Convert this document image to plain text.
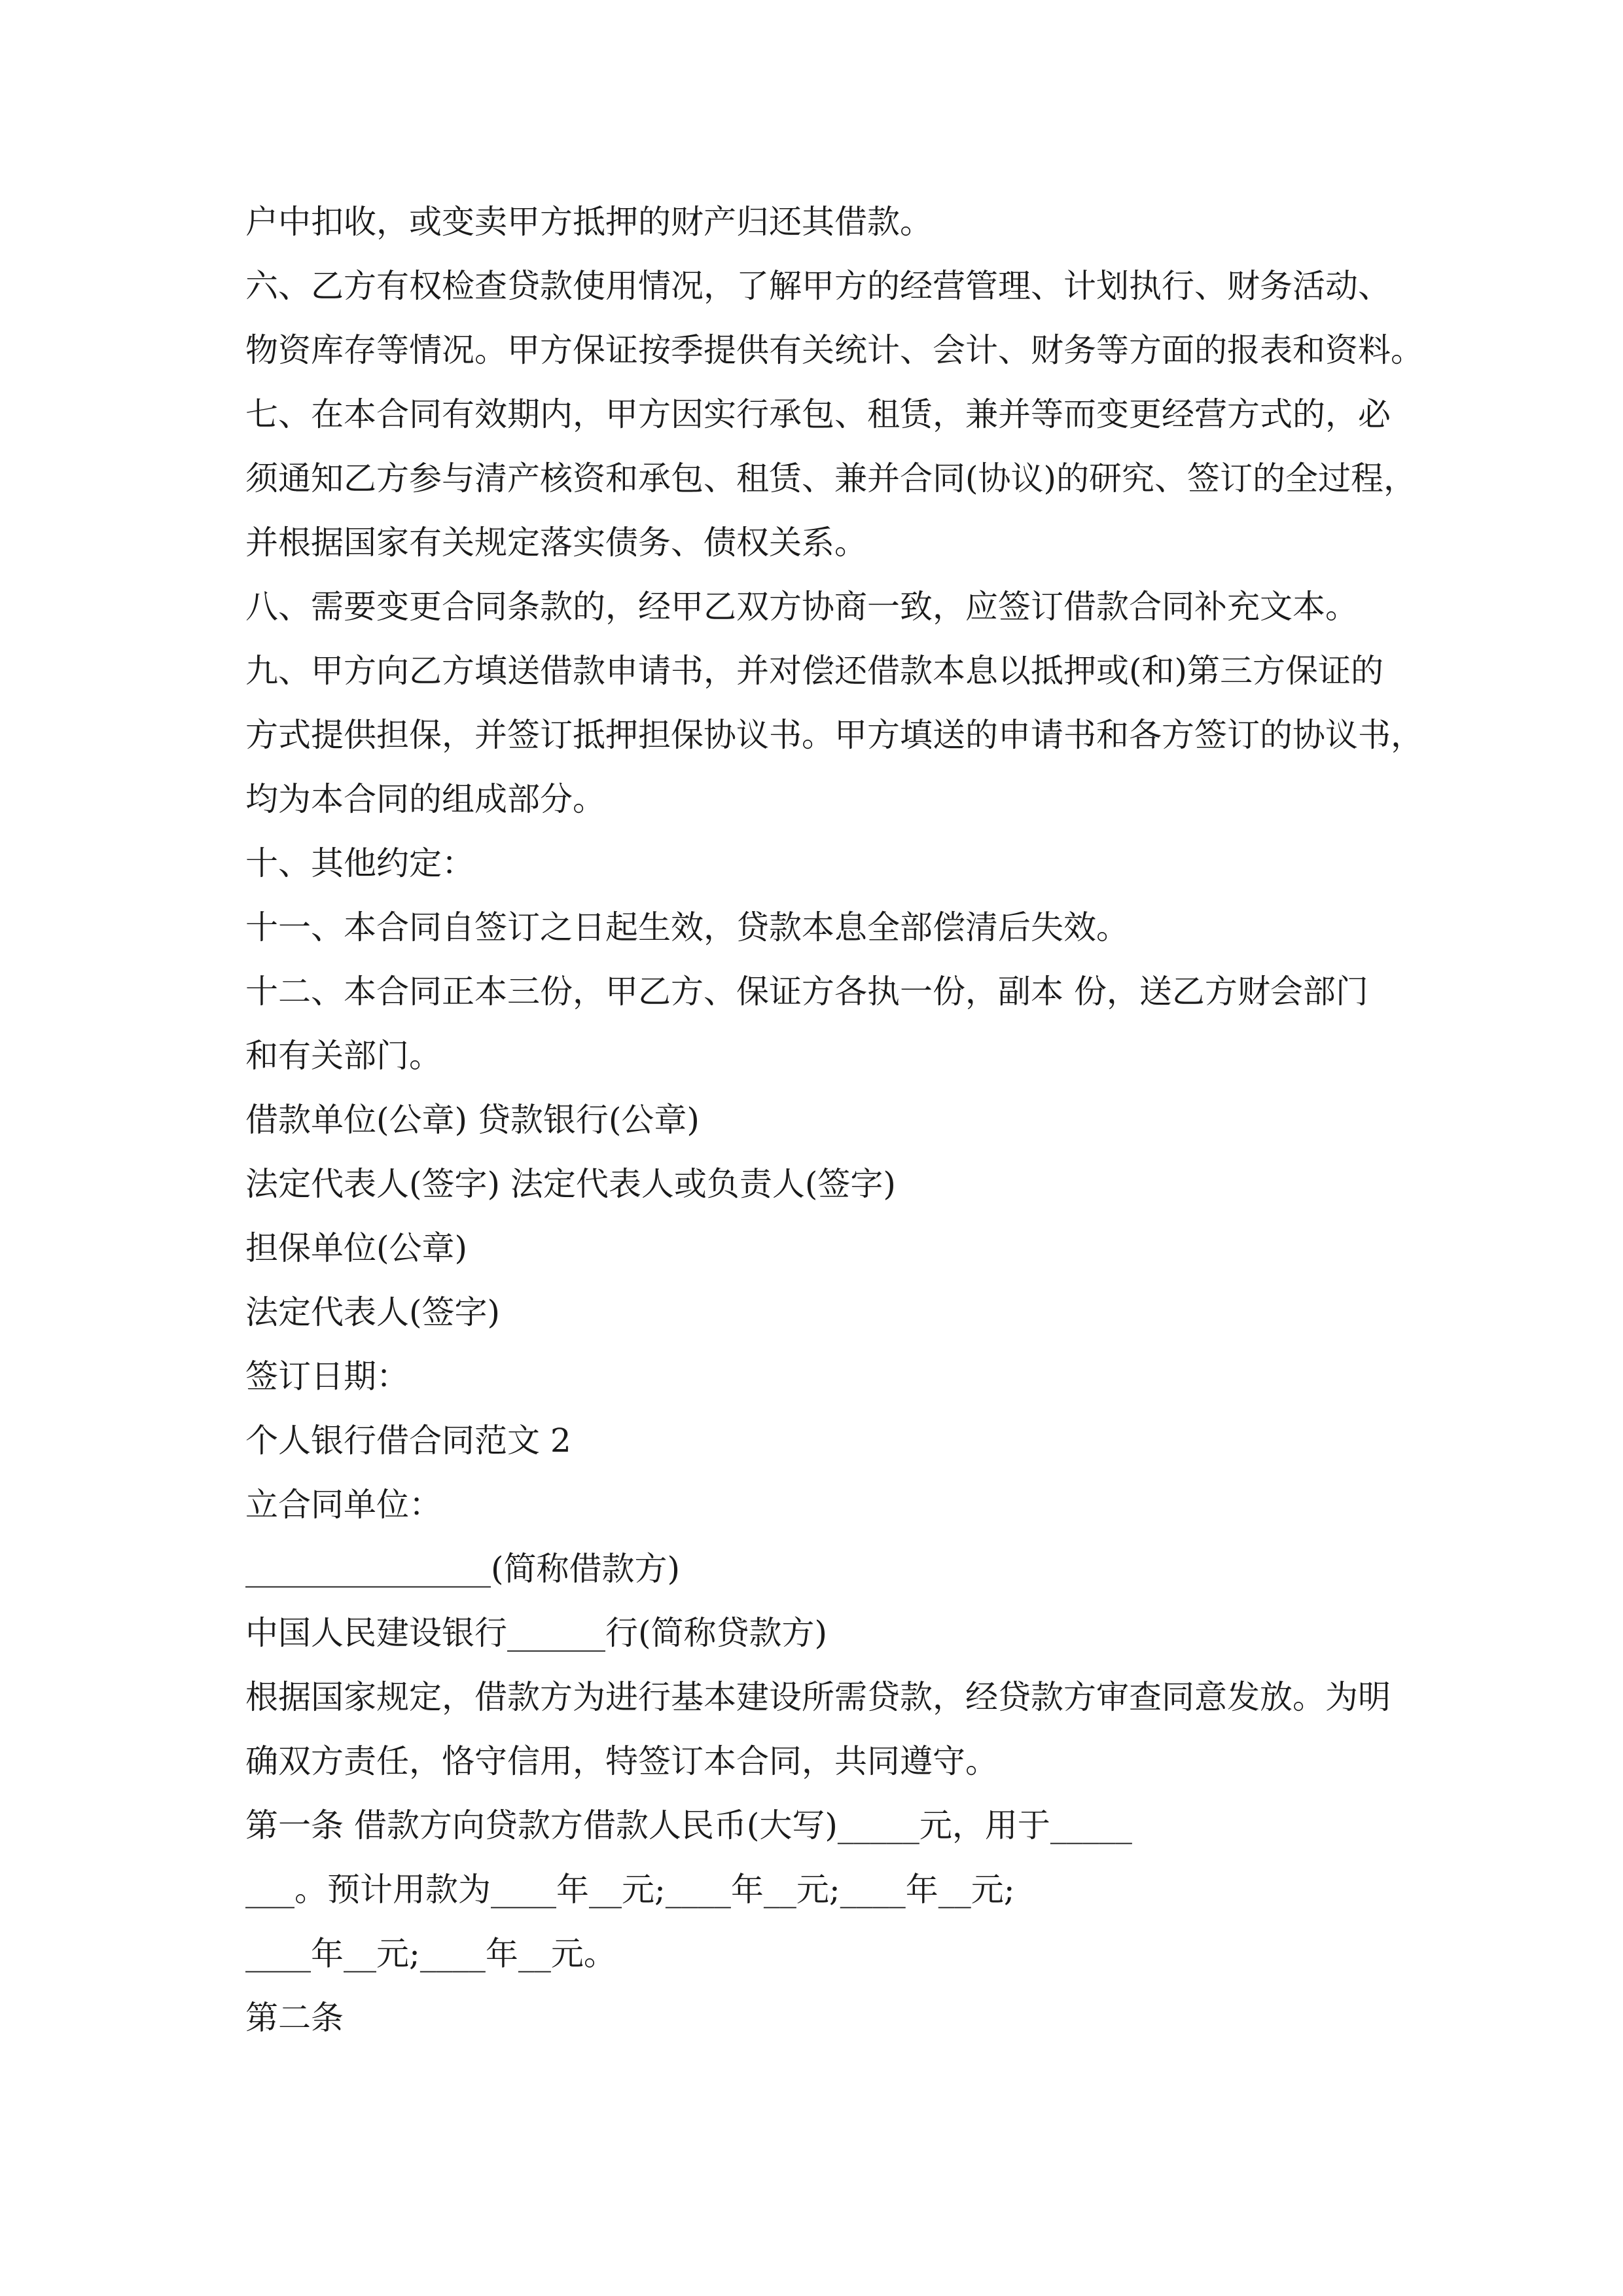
户中扣收，或变卖甲方抵押的财产归还其借款。
六、乙方有权检查贷款使用情况，了解甲方的经营管理、计划执行、财务活动、
物资库存等情况。甲方保证按季提供有关统计、会计、财务等方面的报表和资料。
七、在本合同有效期内，甲方因实行承包、租赁，兼并等而变更经营方式的，必
须通知乙方参与清产核资和承包、租赁、兼并合同(协议)的研究、签订的全过程，
并根据国家有关规定落实债务、债权关系。
八、需要变更合同条款的，经甲乙双方协商一致，应签订借款合同补充文本。
九、甲方向乙方填送借款申请书，并对偿还借款本息以抵押或(和)第三方保证的
方式提供担保，并签订抵押担保协议书。甲方填送的申请书和各方签订的协议书，
均为本合同的组成部分。
十、其他约定：
十一、本合同自签订之日起生效，贷款本息全部偿清后失效。
十二、本合同正本三份，甲乙方、保证方各执一份，副本 份，送乙方财会部门
和有关部门。
借款单位(公章) 贷款银行(公章)
法定代表人(签字) 法定代表人或负责人(签字)
担保单位(公章)
法定代表人(签字)
签订日期：
个人银行借合同范文 2
立合同单位：
_______________(简称借款方)
中国人民建设银行______行(简称贷款方)
根据国家规定，借款方为进行基本建设所需贷款，经贷款方审查同意发放。为明
确双方责任，恪守信用，特签订本合同，共同遵守。
第一条 借款方向贷款方借款人民币(大写)_____元，用于_____
___。预计用款为____年__元;____年__元;____年__元;
____年__元;____年__元。
第二条
